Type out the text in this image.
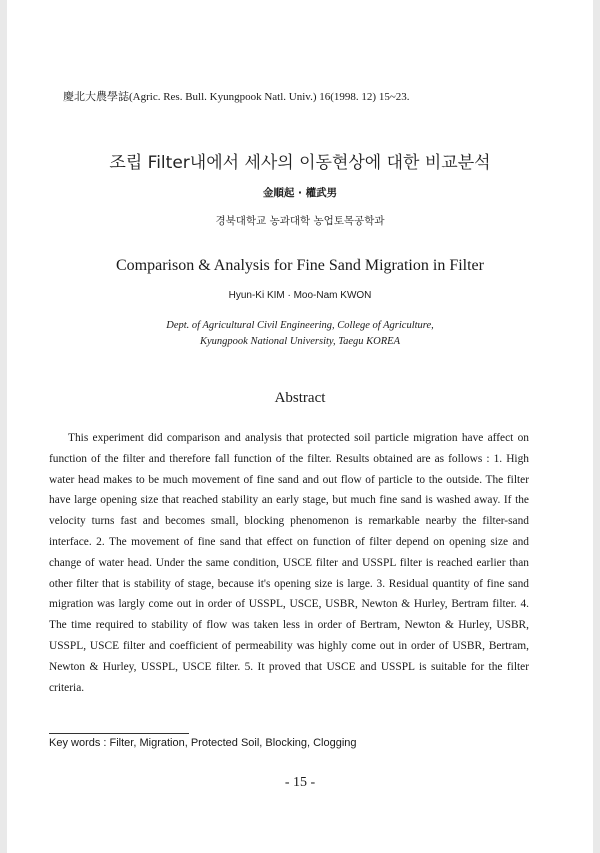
慶北大農學誌(Agric. Res. Bull. Kyungpook Natl. Univ.) 16(1998. 12) 15~23.
조립 Filter내에서 세사의 이동현상에 대한 비교분석
金順起 · 權武男
경북대학교 농과대학 농업토목공학과
Comparison & Analysis for Fine Sand Migration in Filter
Hyun-Ki KIM · Moo-Nam KWON
Dept. of Agricultural Civil Engineering, College of Agriculture,
Kyungpook National University, Taegu KOREA
Abstract

This experiment did comparison and analysis that protected soil particle migration have affect on function of the filter and therefore fall function of the filter. Results obtained are as follows : 1. High water head makes to be much movement of fine sand and out flow of particle to the outside. The filter have large opening size that reached stability an early stage, but much fine sand is washed away. If the velocity turns fast and becomes small, blocking phenomenon is remarkable nearby the filter-sand interface. 2. The movement of fine sand that effect on function of filter depend on opening size and change of water head. Under the same condition, USCE filter and USSPL filter is reached earlier than other filter that is stability of stage, because it's opening size is large. 3. Residual quantity of fine sand migration was largly come out in order of USSPL, USCE, USBR, Newton & Hurley, Bertram filter. 4. The time required to stability of flow was taken less in order of Bertram, Newton & Hurley, USBR, USSPL, USCE filter and coefficient of permeability was highly come out in order of USBR, Bertram, Newton & Hurley, USSPL, USCE filter. 5. It proved that USCE and USSPL is suitable for the filter criteria.

Key words : Filter, Migration, Protected Soil, Blocking, Clogging
- 15 -
